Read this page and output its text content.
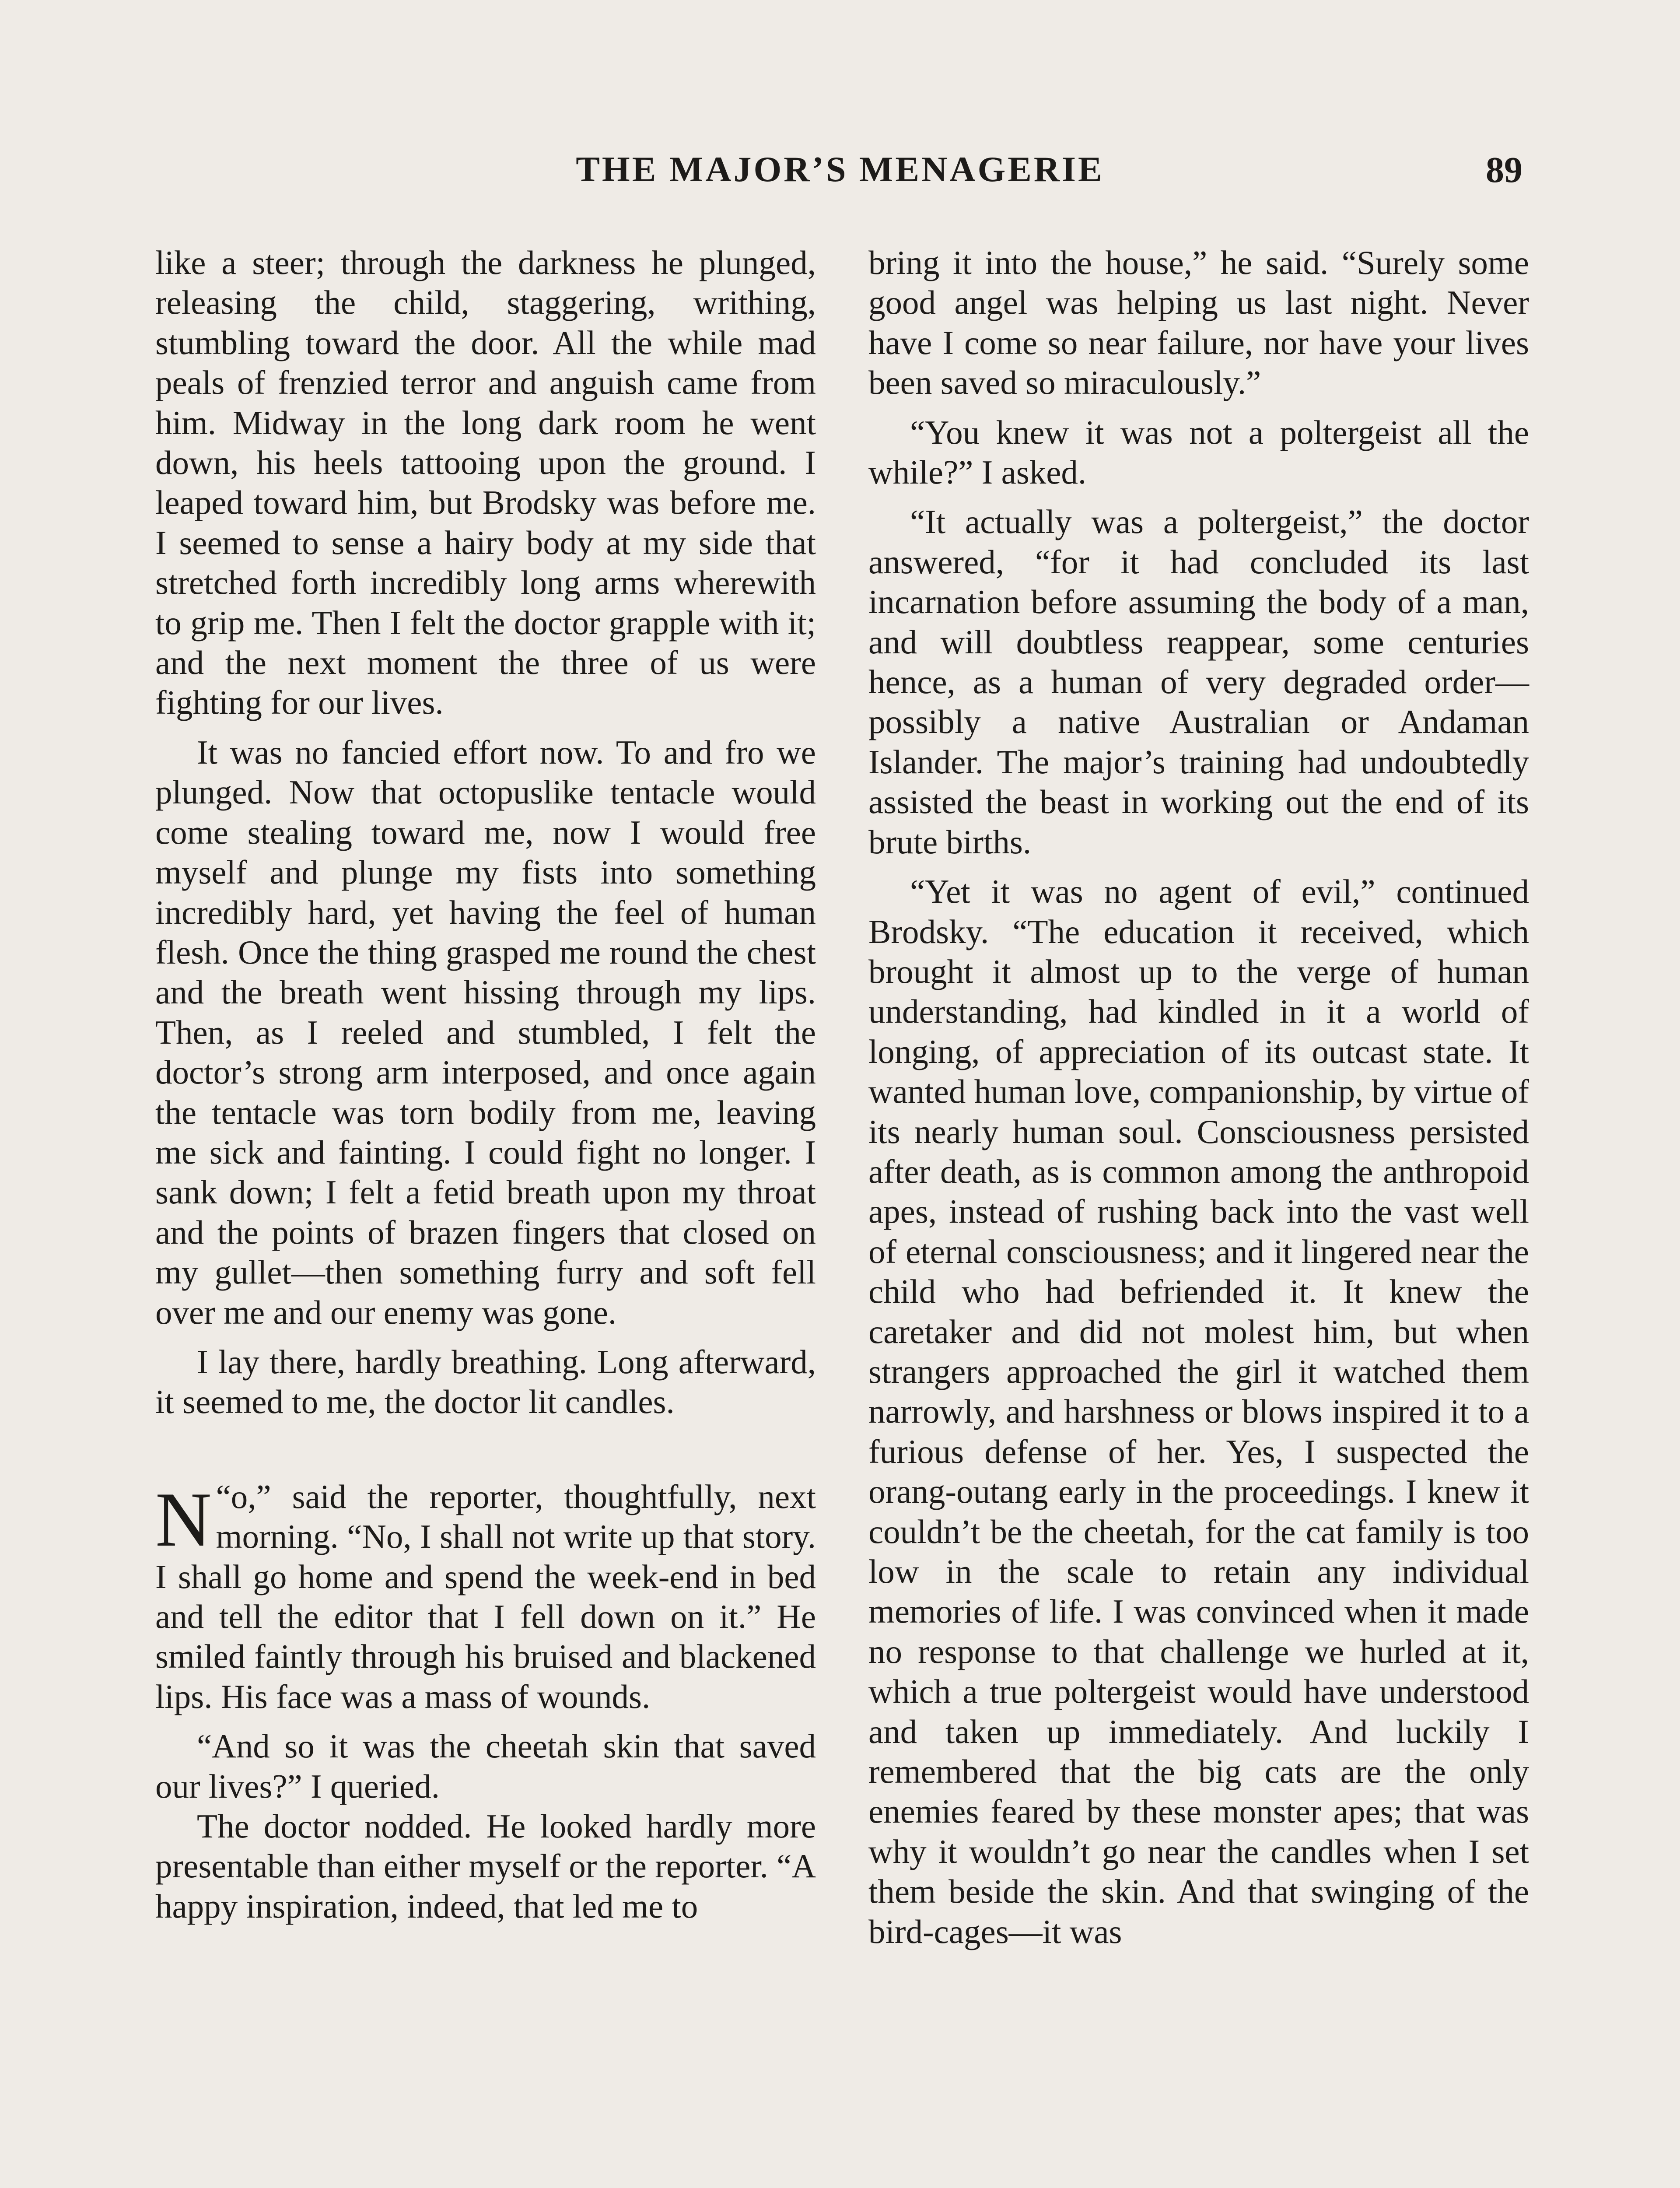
THE MAJOR’S MENAGERIE	89

like a steer; through the darkness he plunged, releasing the child, staggering, writhing, stumbling toward the door. All the while mad peals of frenzied terror and anguish came from him. Midway in the long dark room he went down, his heels tattooing upon the ground. I leaped toward him, but Brodsky was before me. I seemed to sense a hairy body at my side that stretched forth incredibly long arms wherewith to grip me. Then I felt the doctor grapple with it; and the next moment the three of us were fighting for our lives.

It was no fancied effort now. To and fro we plunged. Now that octopuslike tentacle would come stealing toward me, now I would free myself and plunge my fists into something incredibly hard, yet having the feel of human flesh. Once the thing grasped me round the chest and the breath went hissing through my lips. Then, as I reeled and stumbled, I felt the doctor’s strong arm interposed, and once again the tentacle was torn bodily from me, leaving me sick and fainting. I could fight no longer. I sank down; I felt a fetid breath upon my throat and the points of brazen fingers that closed on my gullet—then something furry and soft fell over me and our enemy was gone.

I lay there, hardly breathing. Long afterward, it seemed to me, the doctor lit candles.

“
N o,” said the reporter, thoughtfully, next morning. “No, I shall not write up that story. I shall go home and spend the week-end in bed and tell the editor that I fell down on it.” He smiled faintly through his bruised and blackened lips. His face was a mass of wounds.

“And so it was the cheetah skin that saved our lives?” I queried.

The doctor nodded. He looked hardly more presentable than either myself or the reporter. “A happy inspiration, indeed, that led me to

bring it into the house,” he said. “Surely some good angel was helping us last night. Never have I come so near failure, nor have your lives been saved so miraculously.”

“You knew it was not a poltergeist all the while?” I asked.

“It actually was a poltergeist,” the doctor answered, “for it had concluded its last incarnation before assuming the body of a man, and will doubtless reappear, some centuries hence, as a human of very degraded order—possibly a native Australian or Andaman Islander. The major’s training had undoubtedly assisted the beast in working out the end of its brute births.

“Yet it was no agent of evil,” continued Brodsky. “The education it received, which brought it almost up to the verge of human understanding, had kindled in it a world of longing, of appreciation of its outcast state. It wanted human love, companionship, by virtue of its nearly human soul. Consciousness persisted after death, as is common among the anthropoid apes, instead of rushing back into the vast well of eternal consciousness; and it lingered near the child who had befriended it. It knew the caretaker and did not molest him, but when strangers approached the girl it watched them narrowly, and harshness or blows inspired it to a furious defense of her. Yes, I suspected the orang-outang early in the proceedings. I knew it couldn’t be the cheetah, for the cat family is too low in the scale to retain any individual memories of life. I was convinced when it made no response to that challenge we hurled at it, which a true poltergeist would have understood and taken up immediately. And luckily I remembered that the big cats are the only enemies feared by these monster apes; that was why it wouldn’t go near the candles when I set them beside the skin. And that swinging of the bird-cages—it was
